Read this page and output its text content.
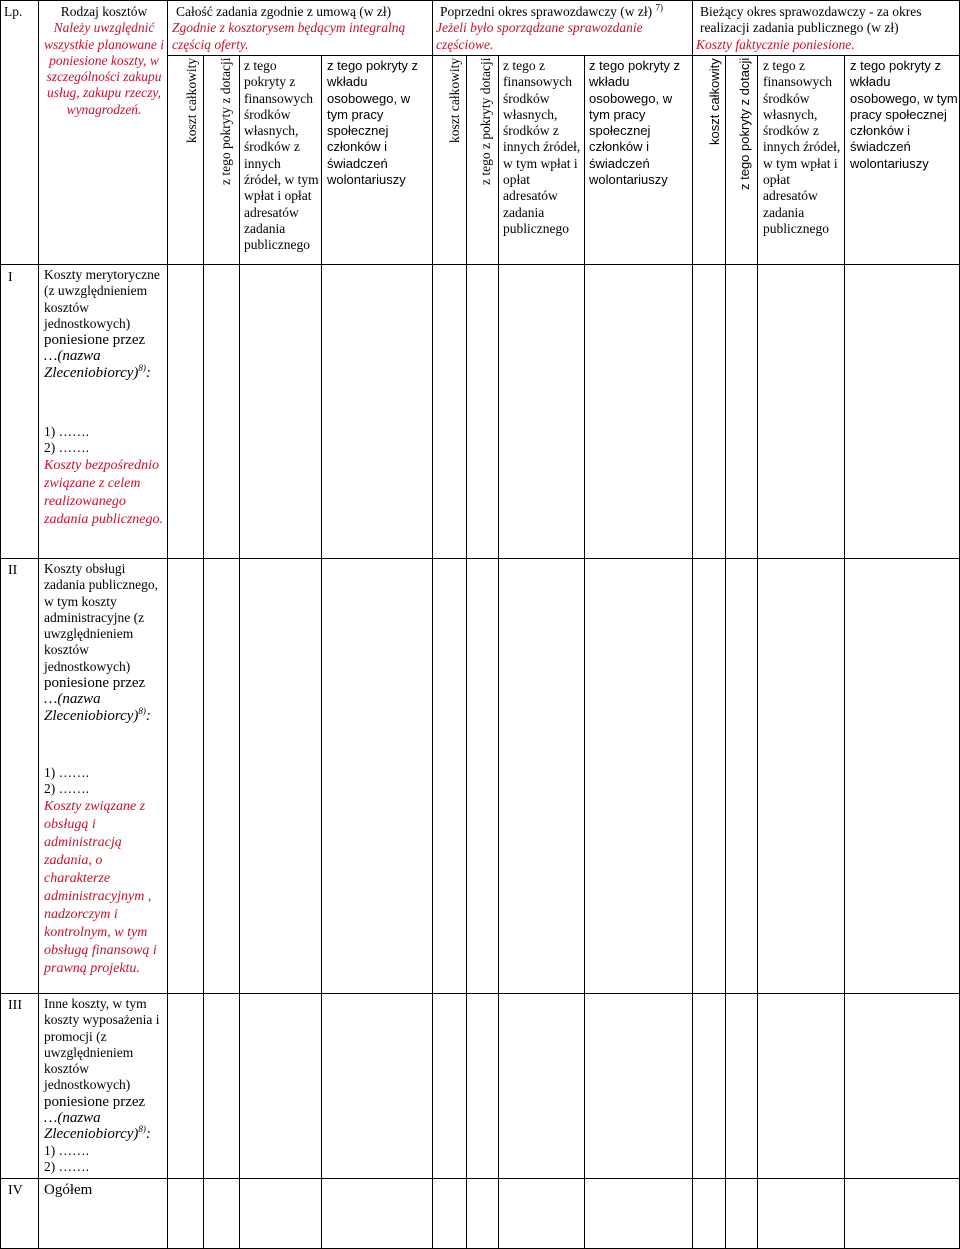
Lp.	Rodzaj kosztów
Należy uwzględnić wszystkie planowane i poniesione koszty, w szczególności zakupu usług, zakupu rzeczy, wynagrodzeń.
Całość zadania zgodnie z umową (w zł)
Zgodnie z kosztorysem będącym integralną częścią oferty.
Poprzedni okres sprawozdawczy (w zł) $^{7)}$
Jeżeli było sporządzane sprawozdanie częściowe.
Bieżący okres sprawozdawczy - za okres realizacji zadania publicznego (w zł)
Koszty faktycznie poniesione.
koszt całkowity z tego pokryty z dotacji z tego pokryty z finansowych środków własnych, środków z innych źródeł, w tym wpłat i opłat adresatów zadania publicznego
z tego pokryty z wkładu osobowego, w tym pracy społecznej członków i świadczeń wolontariuszy
koszt całkowity z tego z pokryty dotacji z tego z finansowych środków własnych, środków z innych źródeł, w tym wpłat i opłat adresatów zadania publicznego
z tego pokryty z wkładu osobowego, w tym pracy społecznej członków i świadczeń wolontariuszy
koszt całkowity z tego pokryty z dotacji z tego z finansowych środków własnych, środków z innych źródeł, w tym wpłat i opłat adresatów zadania publicznego
z tego pokryty z wkładu osobowego, w tym pracy społecznej członków i świadczeń wolontariuszy
I Koszty merytoryczne (z uwzględnieniem kosztów jednostkowych)
poniesione przez
…(nazwa Zleceniobiorcy)$^{8)}$:
1) …….
2) …….
Koszty bezpośrednio związane z celem realizowanego zadania publicznego.
II Koszty obsługi zadania publicznego, w tym koszty administracyjne (z uwzględnieniem kosztów jednostkowych)
poniesione przez
…(nazwa Zleceniobiorcy)$^{8)}$:
1) …….
2) …….
Koszty związane z obsługą i administracją zadania, o charakterze administracyjnym , nadzorczym i kontrolnym, w tym obsługą finansową i prawną projektu.
III Inne koszty, w tym koszty wyposażenia i promocji (z uwzględnieniem kosztów jednostkowych)
poniesione przez
…(nazwa Zleceniobiorcy)$^{8)}$:
1) …….
2) …….
IV Ogółem
